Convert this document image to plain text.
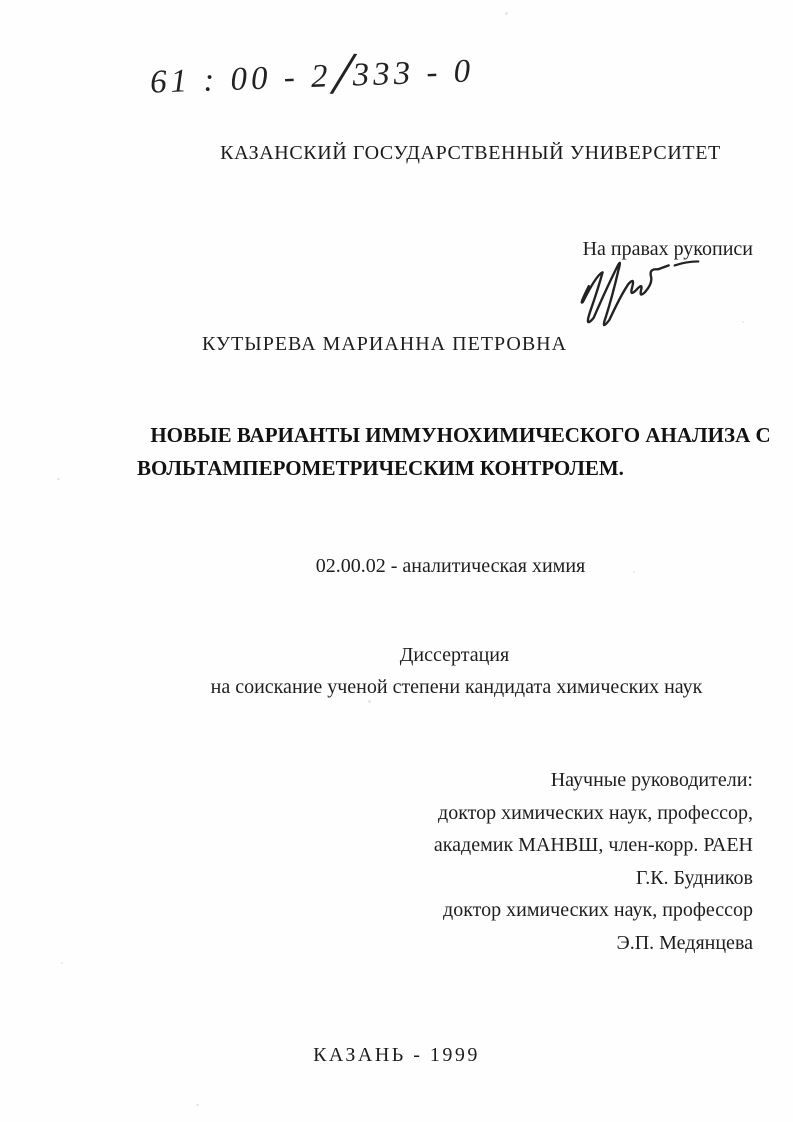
61 : 00 - 2 /
333 - 0
КАЗАНСКИЙ ГОСУДАРСТВЕННЫЙ УНИВЕРСИТЕТ
На правах рукописи
КУТЫРЕВА МАРИАННА ПЕТРОВНА
НОВЫЕ ВАРИАНТЫ ИММУНОХИМИЧЕСКОГО АНАЛИЗА С
ВОЛЬТАМПЕРОМЕТРИЧЕСКИМ КОНТРОЛЕМ.
02.00.02 - аналитическая химия
Диссертация
на соискание ученой степени кандидата химических наук
Научные руководители:
доктор химических наук, профессор,
академик МАНВШ, член-корр. РАЕН
Г.К. Будников
доктор химических наук, профессор
Э.П. Медянцева
КАЗАНЬ - 1999
